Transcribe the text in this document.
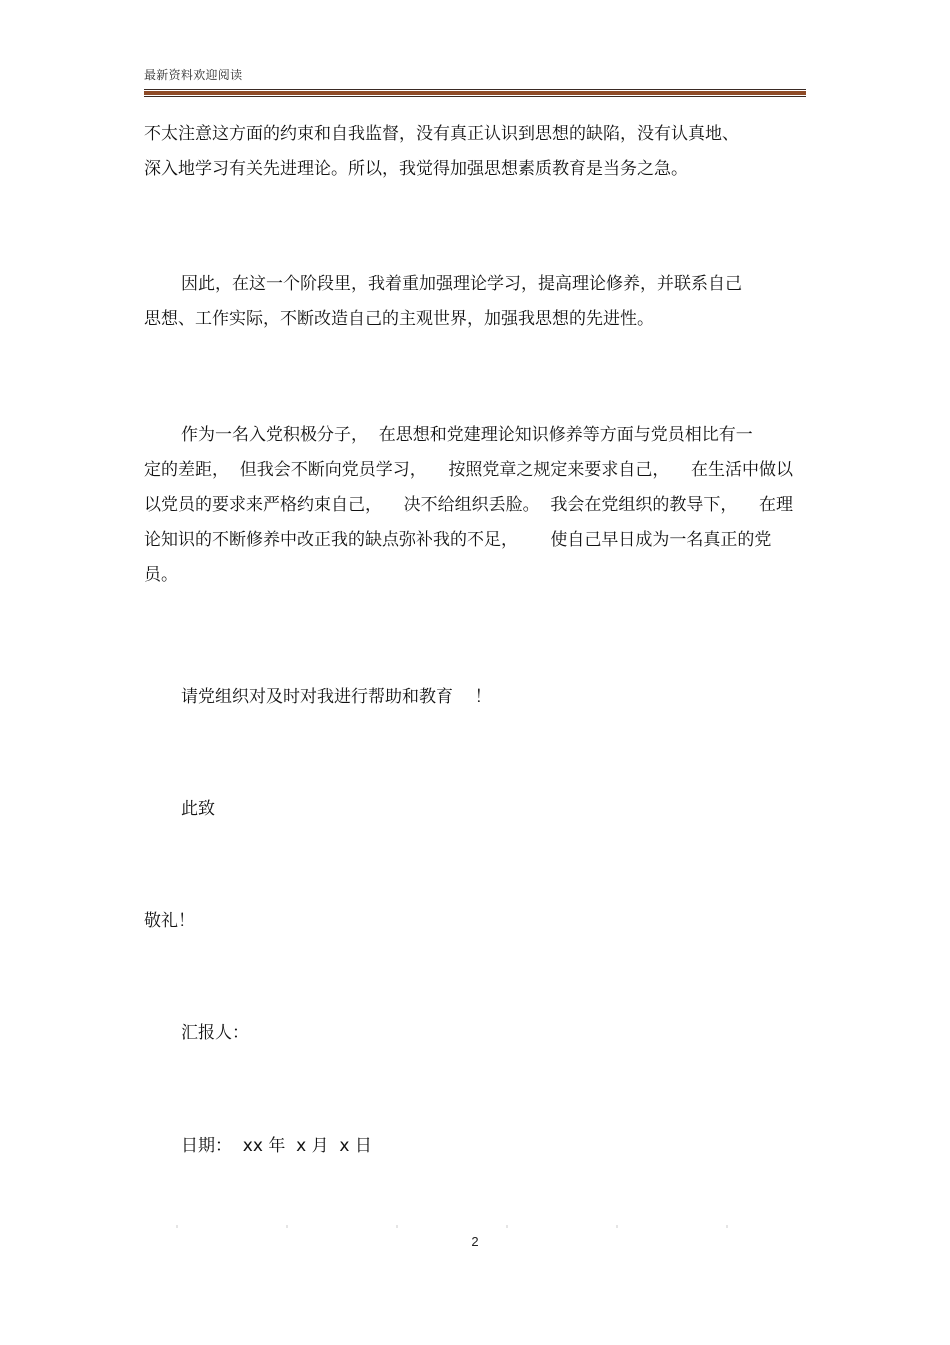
最新资料欢迎阅读
不太注意这方面的约束和自我监督，没有真正认识到思想的缺陷，没有认真地、
深入地学习有关先进理论。所以，我觉得加强思想素质教育是当务之急。
因此，在这一个阶段里，我着重加强理论学习，提高理论修养，并联系自己
思想、工作实际，不断改造自己的主观世界，加强我思想的先进性。
作为一名入党积极分子，  在思想和党建理论知识修养等方面与党员相比有一
定的差距，  但我会不断向党员学习，    按照党章之规定来要求自己，    在生活中做以
以党员的要求来严格约束自己，    决不给组织丢脸。  我会在党组织的教导下，    在理
论知识的不断修养中改正我的缺点弥补我的不足，      使自己早日成为一名真正的党
员。
请党组织对及时对我进行帮助和教育    ！
此致
敬礼！
汇报人：
日期：  xx 年  x 月  x 日
2
